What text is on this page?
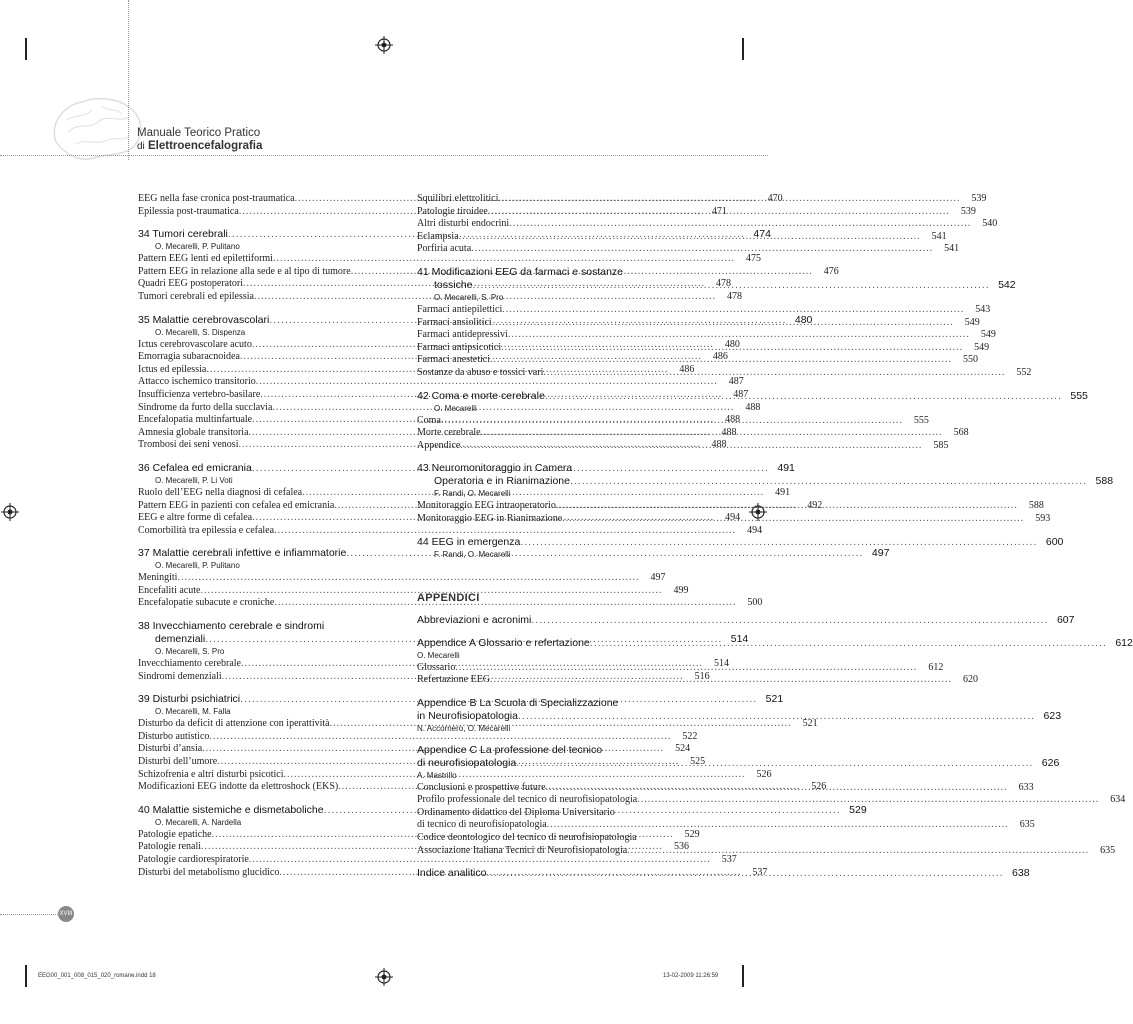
Manuale Teorico Pratico
di Elettroencefalografia
EEG nella fase cronica post-traumatica .....	470
Epilessia post-traumatica .....	471
34 Tumori cerebrali .....	474
O. Mecarelli, P. Pulitano
Pattern EEG lenti ed epilettiformi .....	475
Pattern EEG in relazione alla sede e al tipo di tumore .....	476
Quadri EEG postoperatori .....	478
Tumori cerebrali ed epilessia .....	478
35 Malattie cerebrovascolari .....	480
O. Mecarelli, S. Dispenza
Ictus cerebrovascolare acuto .....	480
Emorragia subaracnoidea .....	486
Ictus ed epilessia .....	486
Attacco ischemico transitorio .....	487
Insufficienza vertebro-basilare .....	487
Sindrome da furto della succlavia .....	488
Encefalopatia multinfartuale .....	488
Amnesia globale transitoria .....	488
Trombosi dei seni venosi .....	488
36 Cefalea ed emicrania .....	491
O. Mecarelli, P. Li Voti
Ruolo dell’EEG nella diagnosi di cefalea .....	491
Pattern EEG in pazienti con cefalea ed emicrania .....	492
EEG e altre forme di cefalea .....	494
Comorbilità tra epilessia e cefalea .....	494
37 Malattie cerebrali infettive e infiammatorie .....	497
O. Mecarelli, P. Pulitano
Meningiti .....	497
Encefaliti acute .....	499
Encefalopatie subacute e croniche .....	500
38 Invecchiamento cerebrale e sindromi
demenziali .....	514
O. Mecarelli, S. Pro
Invecchiamento cerebrale .....	514
Sindromi demenziali .....	516
39 Disturbi psichiatrici .....	521
O. Mecarelli, M. Falla
Disturbo da deficit di attenzione con iperattività .....	521
Disturbo autistico .....	522
Disturbi d’ansia .....	524
Disturbi dell’umore .....	525
Schizofrenia e altri disturbi psicotici .....	526
Modificazioni EEG indotte da elettroshock (EKS) .....	526
40 Malattie sistemiche e dismetaboliche .....	529
O. Mecarelli, A. Nardella
Patologie epatiche .....	529
Patologie renali .....	536
Patologie cardiorespiratorie .....	537
Disturbi del metabolismo glucidico .....	537
Squilibri elettrolitici .....	539
Patologie tiroidee .....	539
Altri disturbi endocrini .....	540
Eclampsia .....	541
Porfiria acuta .....	541
41 Modificazioni EEG da farmaci e sostanze
tossiche .....	542
O. Mecarelli, S. Pro
Farmaci antiepilettici .....	543
Farmaci ansiolitici .....	549
Farmaci antidepressivi .....	549
Farmaci antipsicotici .....	549
Farmaci anestetici .....	550
Sostanze da abuso e tossici vari .....	552
42 Coma e morte cerebrale .....	555
O. Mecarelli
Coma .....	555
Morte cerebrale .....	568
Appendice .....	585
43 Neuromonitoraggio in Camera
Operatoria e in Rianimazione .....	588
F. Randi, O. Mecarelli
Monitoraggio EEG intraoperatorio .....	588
Monitoraggio EEG in Rianimazione .....	593
44 EEG in emergenza .....	600
F. Randi, O. Mecarelli
APPENDICI
Abbreviazioni e acronimi .....	607
Appendice A Glossario e refertazione .....	612
O. Mecarelli
Glossario .....	612
Refertazione EEG .....	620
Appendice B La Scuola di Specializzazione
in Neurofisiopatologia .....	623
N. Accornero, O. Mecarelli
Appendice C La professione del tecnico
di neurofisiopatologia .....	626
A. Mastrillo
Conclusioni e prospettive future .....	633
Profilo professionale del tecnico di neurofisiopatologia .....	634
Ordinamento didattico del Diploma Universitario
di tecnico di neurofisiopatologia .....	635
Codice deontologico del tecnico di neurofisiopatologia
Associazione Italiana Tecnici di Neurofisiopatologia .....	635
Indice analitico .....	638
XVIII
EEG00_001_008_015_020_romane.indd 18	13-02-2009 11:26:59
